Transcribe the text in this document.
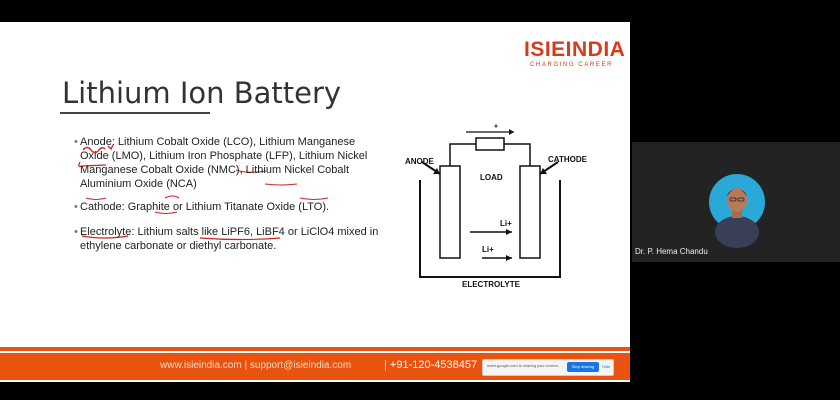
ISIEINDIA
CHARGING CAREER
Lithium Ion Battery
• Anode: Lithium Cobalt Oxide (LCO), Lithium Manganese Oxide (LMO), Lithium Iron Phosphate (LFP), Lithium Nickel Manganese Cobalt Oxide (NMC), Lithium Nickel Cobalt Aluminium Oxide (NCA)
• Cathode: Graphite or Lithium Titanate Oxide (LTO).
• Electrolyte: Lithium salts like LiPF6, LiBF4 or LiClO4 mixed in ethylene carbonate or diethyl carbonate.
ANODE	CATHODE
LOAD
Li+
Li+
ELECTROLYTE
www.isieindia.com | support@isieindia.com	| +91-120-4538457 meet.google.com is sharing your screen.	Stop sharing	Hide
Dr. P. Hema Chandu
